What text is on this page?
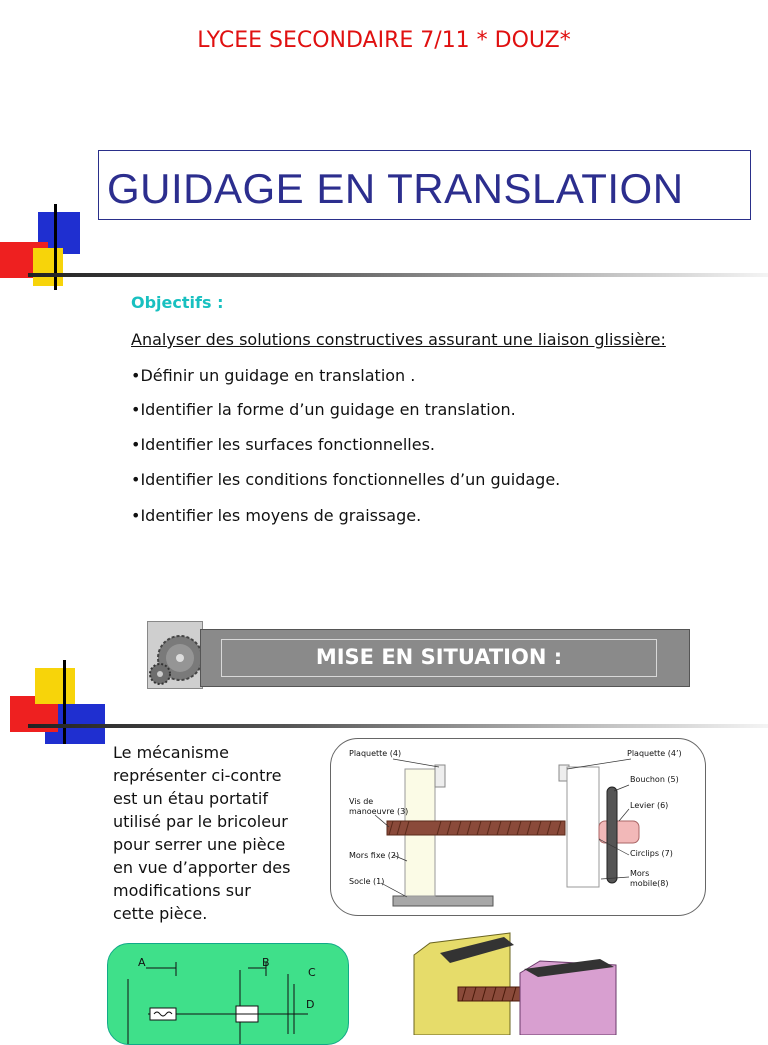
LYCEE SECONDAIRE 7/11 * DOUZ*
GUIDAGE EN TRANSLATION
Objectifs :
Analyser des solutions constructives assurant une liaison glissière:
•Définir un guidage en translation .
•Identifier la forme d’un guidage en translation.
•Identifier les surfaces fonctionnelles.
•Identifier les conditions fonctionnelles d’un guidage.
•Identifier les moyens de graissage.
MISE EN SITUATION :
Le mécanisme
représenter ci-contre
est un étau portatif
utilisé par le bricoleur
pour serrer une pièce
en vue d’apporter des
modifications sur
cette pièce.
Plaquette (4)	Plaquette (4’)
Bouchon (5)
Levier (6)
Vis de
manoeuvre (3)
Mors fixe (2)	Circlips (7)
Socle (1)
Mors
mobile(8)
A	B
C
D
